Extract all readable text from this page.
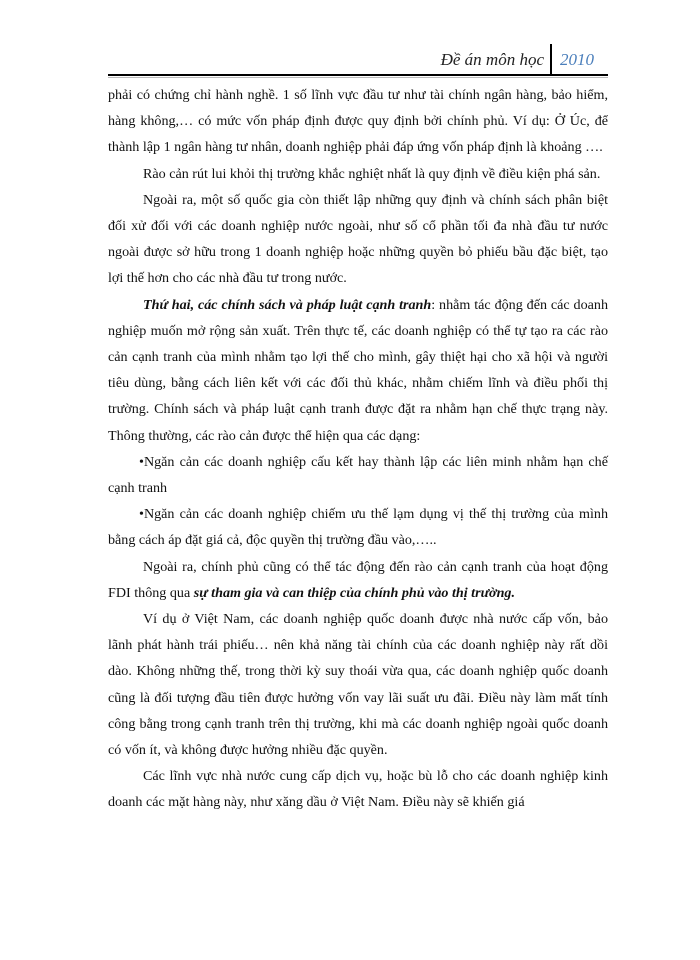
Đề án môn học 2010

phải có chứng chỉ hành nghề. 1 số lĩnh vực đầu tư như tài chính ngân hàng, bảo hiểm, hàng không,… có mức vốn pháp định được quy định bởi chính phủ. Ví dụ: Ở Úc, để thành lập 1 ngân hàng tư nhân, doanh nghiệp phải đáp ứng vốn pháp định là khoảng ….

Rào cản rút lui khỏi thị trường khắc nghiệt nhất là quy định về điều kiện phá sản.

Ngoài ra, một số quốc gia còn thiết lập những quy định và chính sách phân biệt đối xử đối với các doanh nghiệp nước ngoài, như số cổ phần tối đa nhà đầu tư nước ngoài được sở hữu trong 1 doanh nghiệp hoặc những quyền bỏ phiếu bầu đặc biệt, tạo lợi thế hơn cho các nhà đầu tư trong nước.

Thứ hai, các chính sách và pháp luật cạnh tranh: nhằm tác động đến các doanh nghiệp muốn mở rộng sản xuất. Trên thực tế, các doanh nghiệp có thể tự tạo ra các rào cản cạnh tranh của mình nhằm tạo lợi thế cho mình, gây thiệt hại cho xã hội và người tiêu dùng, bằng cách liên kết với các đối thủ khác, nhằm chiếm lĩnh và điều phối thị trường. Chính sách và pháp luật cạnh tranh được đặt ra nhằm hạn chế thực trạng này. Thông thường, các rào cản được thể hiện qua các dạng:

•Ngăn cản các doanh nghiệp cấu kết hay thành lập các liên minh nhằm hạn chế cạnh tranh

•Ngăn cản các doanh nghiệp chiếm ưu thế lạm dụng vị thế thị trường của mình bằng cách áp đặt giá cả, độc quyền thị trường đầu vào,…..

Ngoài ra, chính phủ cũng có thể tác động đến rào cản cạnh tranh của hoạt động FDI thông qua sự tham gia và can thiệp của chính phủ vào thị trường.

Ví dụ ở Việt Nam, các doanh nghiệp quốc doanh được nhà nước cấp vốn, bảo lãnh phát hành trái phiếu… nên khả năng tài chính của các doanh nghiệp này rất dồi dào. Không những thế, trong thời kỳ suy thoái vừa qua, các doanh nghiệp quốc doanh cũng là đối tượng đầu tiên được hưởng vốn vay lãi suất ưu đãi. Điều này làm mất tính công bằng trong cạnh tranh trên thị trường, khi mà các doanh nghiệp ngoài quốc doanh có vốn ít, và không được hưởng nhiều đặc quyền.

Các lĩnh vực nhà nước cung cấp dịch vụ, hoặc bù lỗ cho các doanh nghiệp kinh doanh các mặt hàng này, như xăng dầu ở Việt Nam. Điều này sẽ khiến giá
